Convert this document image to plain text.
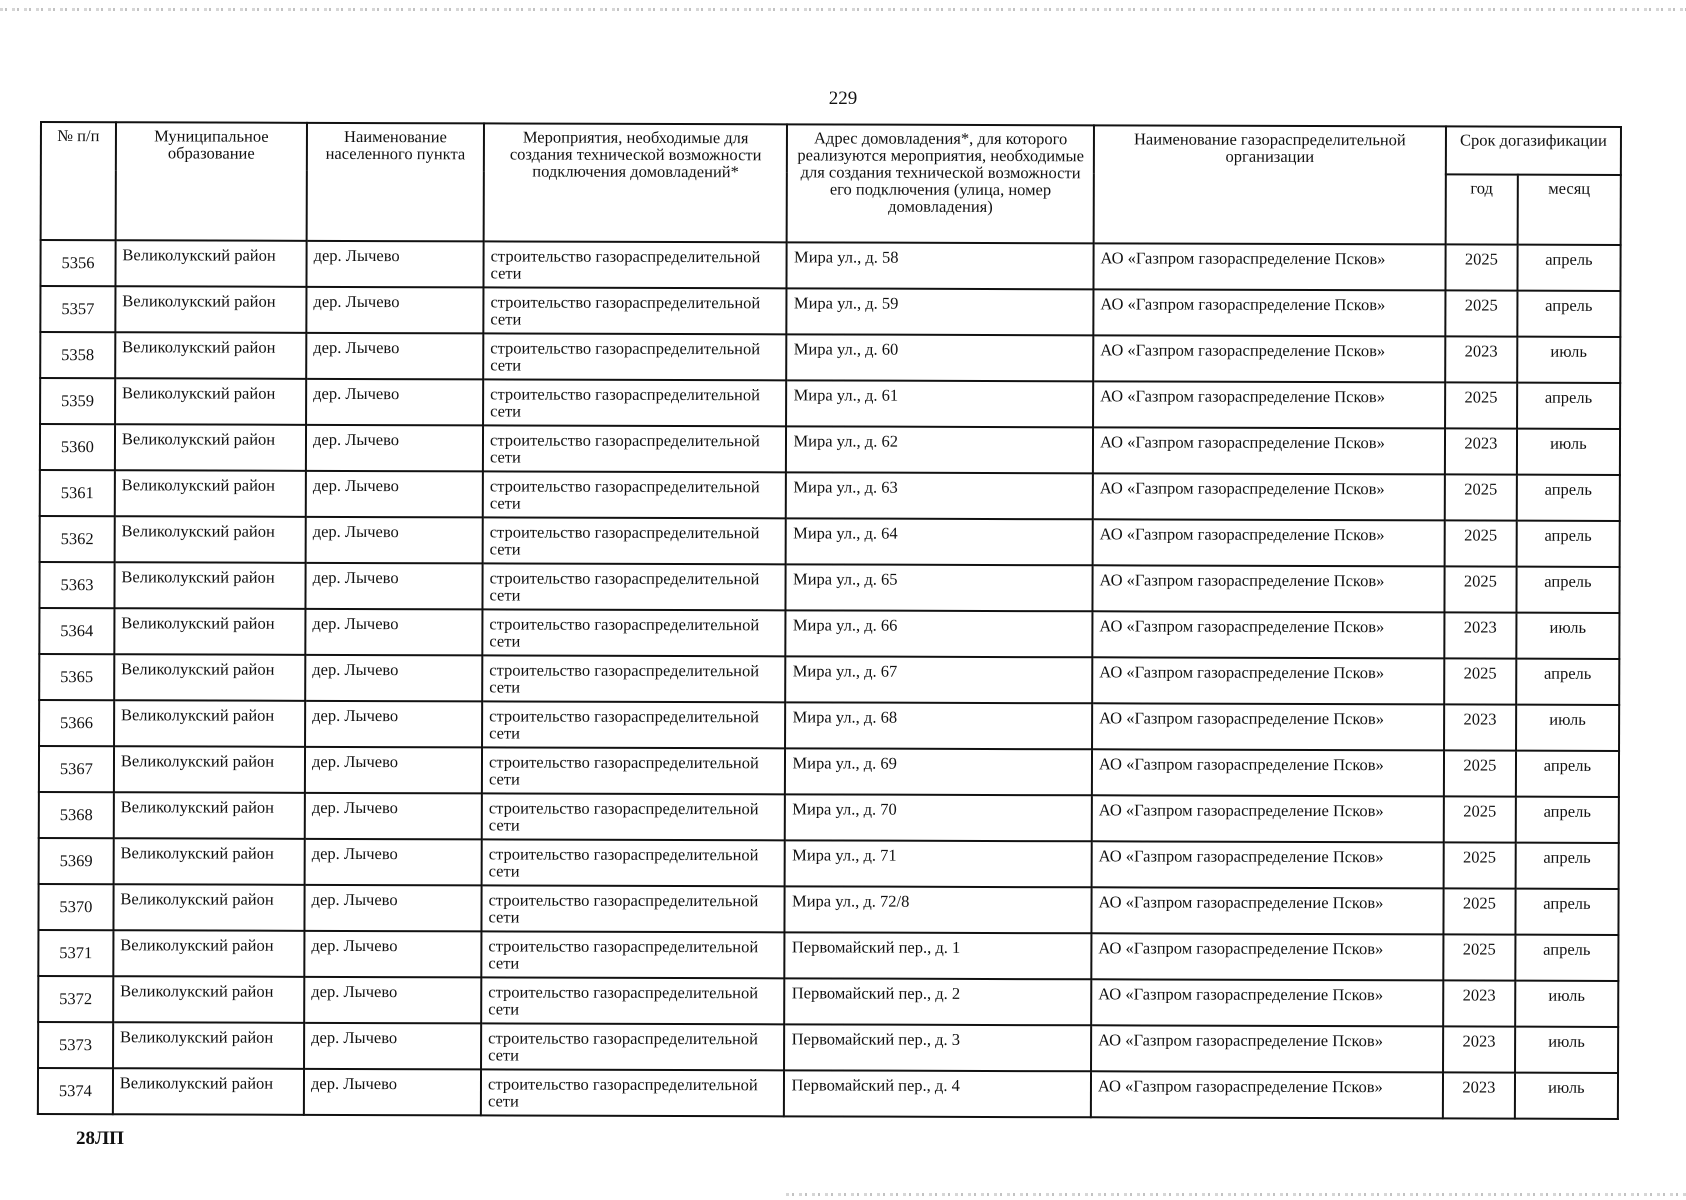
229
№ п/п	Муниципальное образование	Наименование населенного пункта	Мероприятия, необходимые для создания технической возможности подключения домовладений*	Адрес домовладения*, для которого реализуются мероприятия, необходимые для создания технической возможности его подключения (улица, номер домовладения)	Наименование газораспределительной организации	Срок догазификации	
						год	месяц
5356	Великолукский район	дер. Лычево	строительство газораспределительной сети	Мира ул., д. 58	АО «Газпром газораспределение Псков»	2025	апрель
5357	Великолукский район	дер. Лычево	строительство газораспределительной сети	Мира ул., д. 59	АО «Газпром газораспределение Псков»	2025	апрель
5358	Великолукский район	дер. Лычево	строительство газораспределительной сети	Мира ул., д. 60	АО «Газпром газораспределение Псков»	2023	июль
5359	Великолукский район	дер. Лычево	строительство газораспределительной сети	Мира ул., д. 61	АО «Газпром газораспределение Псков»	2025	апрель
5360	Великолукский район	дер. Лычево	строительство газораспределительной сети	Мира ул., д. 62	АО «Газпром газораспределение Псков»	2023	июль
5361	Великолукский район	дер. Лычево	строительство газораспределительной сети	Мира ул., д. 63	АО «Газпром газораспределение Псков»	2025	апрель
5362	Великолукский район	дер. Лычево	строительство газораспределительной сети	Мира ул., д. 64	АО «Газпром газораспределение Псков»	2025	апрель
5363	Великолукский район	дер. Лычево	строительство газораспределительной сети	Мира ул., д. 65	АО «Газпром газораспределение Псков»	2025	апрель
5364	Великолукский район	дер. Лычево	строительство газораспределительной сети	Мира ул., д. 66	АО «Газпром газораспределение Псков»	2023	июль
5365	Великолукский район	дер. Лычево	строительство газораспределительной сети	Мира ул., д. 67	АО «Газпром газораспределение Псков»	2025	апрель
5366	Великолукский район	дер. Лычево	строительство газораспределительной сети	Мира ул., д. 68	АО «Газпром газораспределение Псков»	2023	июль
5367	Великолукский район	дер. Лычево	строительство газораспределительной сети	Мира ул., д. 69	АО «Газпром газораспределение Псков»	2025	апрель
5368	Великолукский район	дер. Лычево	строительство газораспределительной сети	Мира ул., д. 70	АО «Газпром газораспределение Псков»	2025	апрель
5369	Великолукский район	дер. Лычево	строительство газораспределительной сети	Мира ул., д. 71	АО «Газпром газораспределение Псков»	2025	апрель
5370	Великолукский район	дер. Лычево	строительство газораспределительной сети	Мира ул., д. 72/8	АО «Газпром газораспределение Псков»	2025	апрель
5371	Великолукский район	дер. Лычево	строительство газораспределительной сети	Первомайский пер., д. 1	АО «Газпром газораспределение Псков»	2025	апрель
5372	Великолукский район	дер. Лычево	строительство газораспределительной сети	Первомайский пер., д. 2	АО «Газпром газораспределение Псков»	2023	июль
5373	Великолукский район	дер. Лычево	строительство газораспределительной сети	Первомайский пер., д. 3	АО «Газпром газораспределение Псков»	2023	июль
5374	Великолукский район	дер. Лычево	строительство газораспределительной сети	Первомайский пер., д. 4	АО «Газпром газораспределение Псков»	2023	июль
28ЛП
